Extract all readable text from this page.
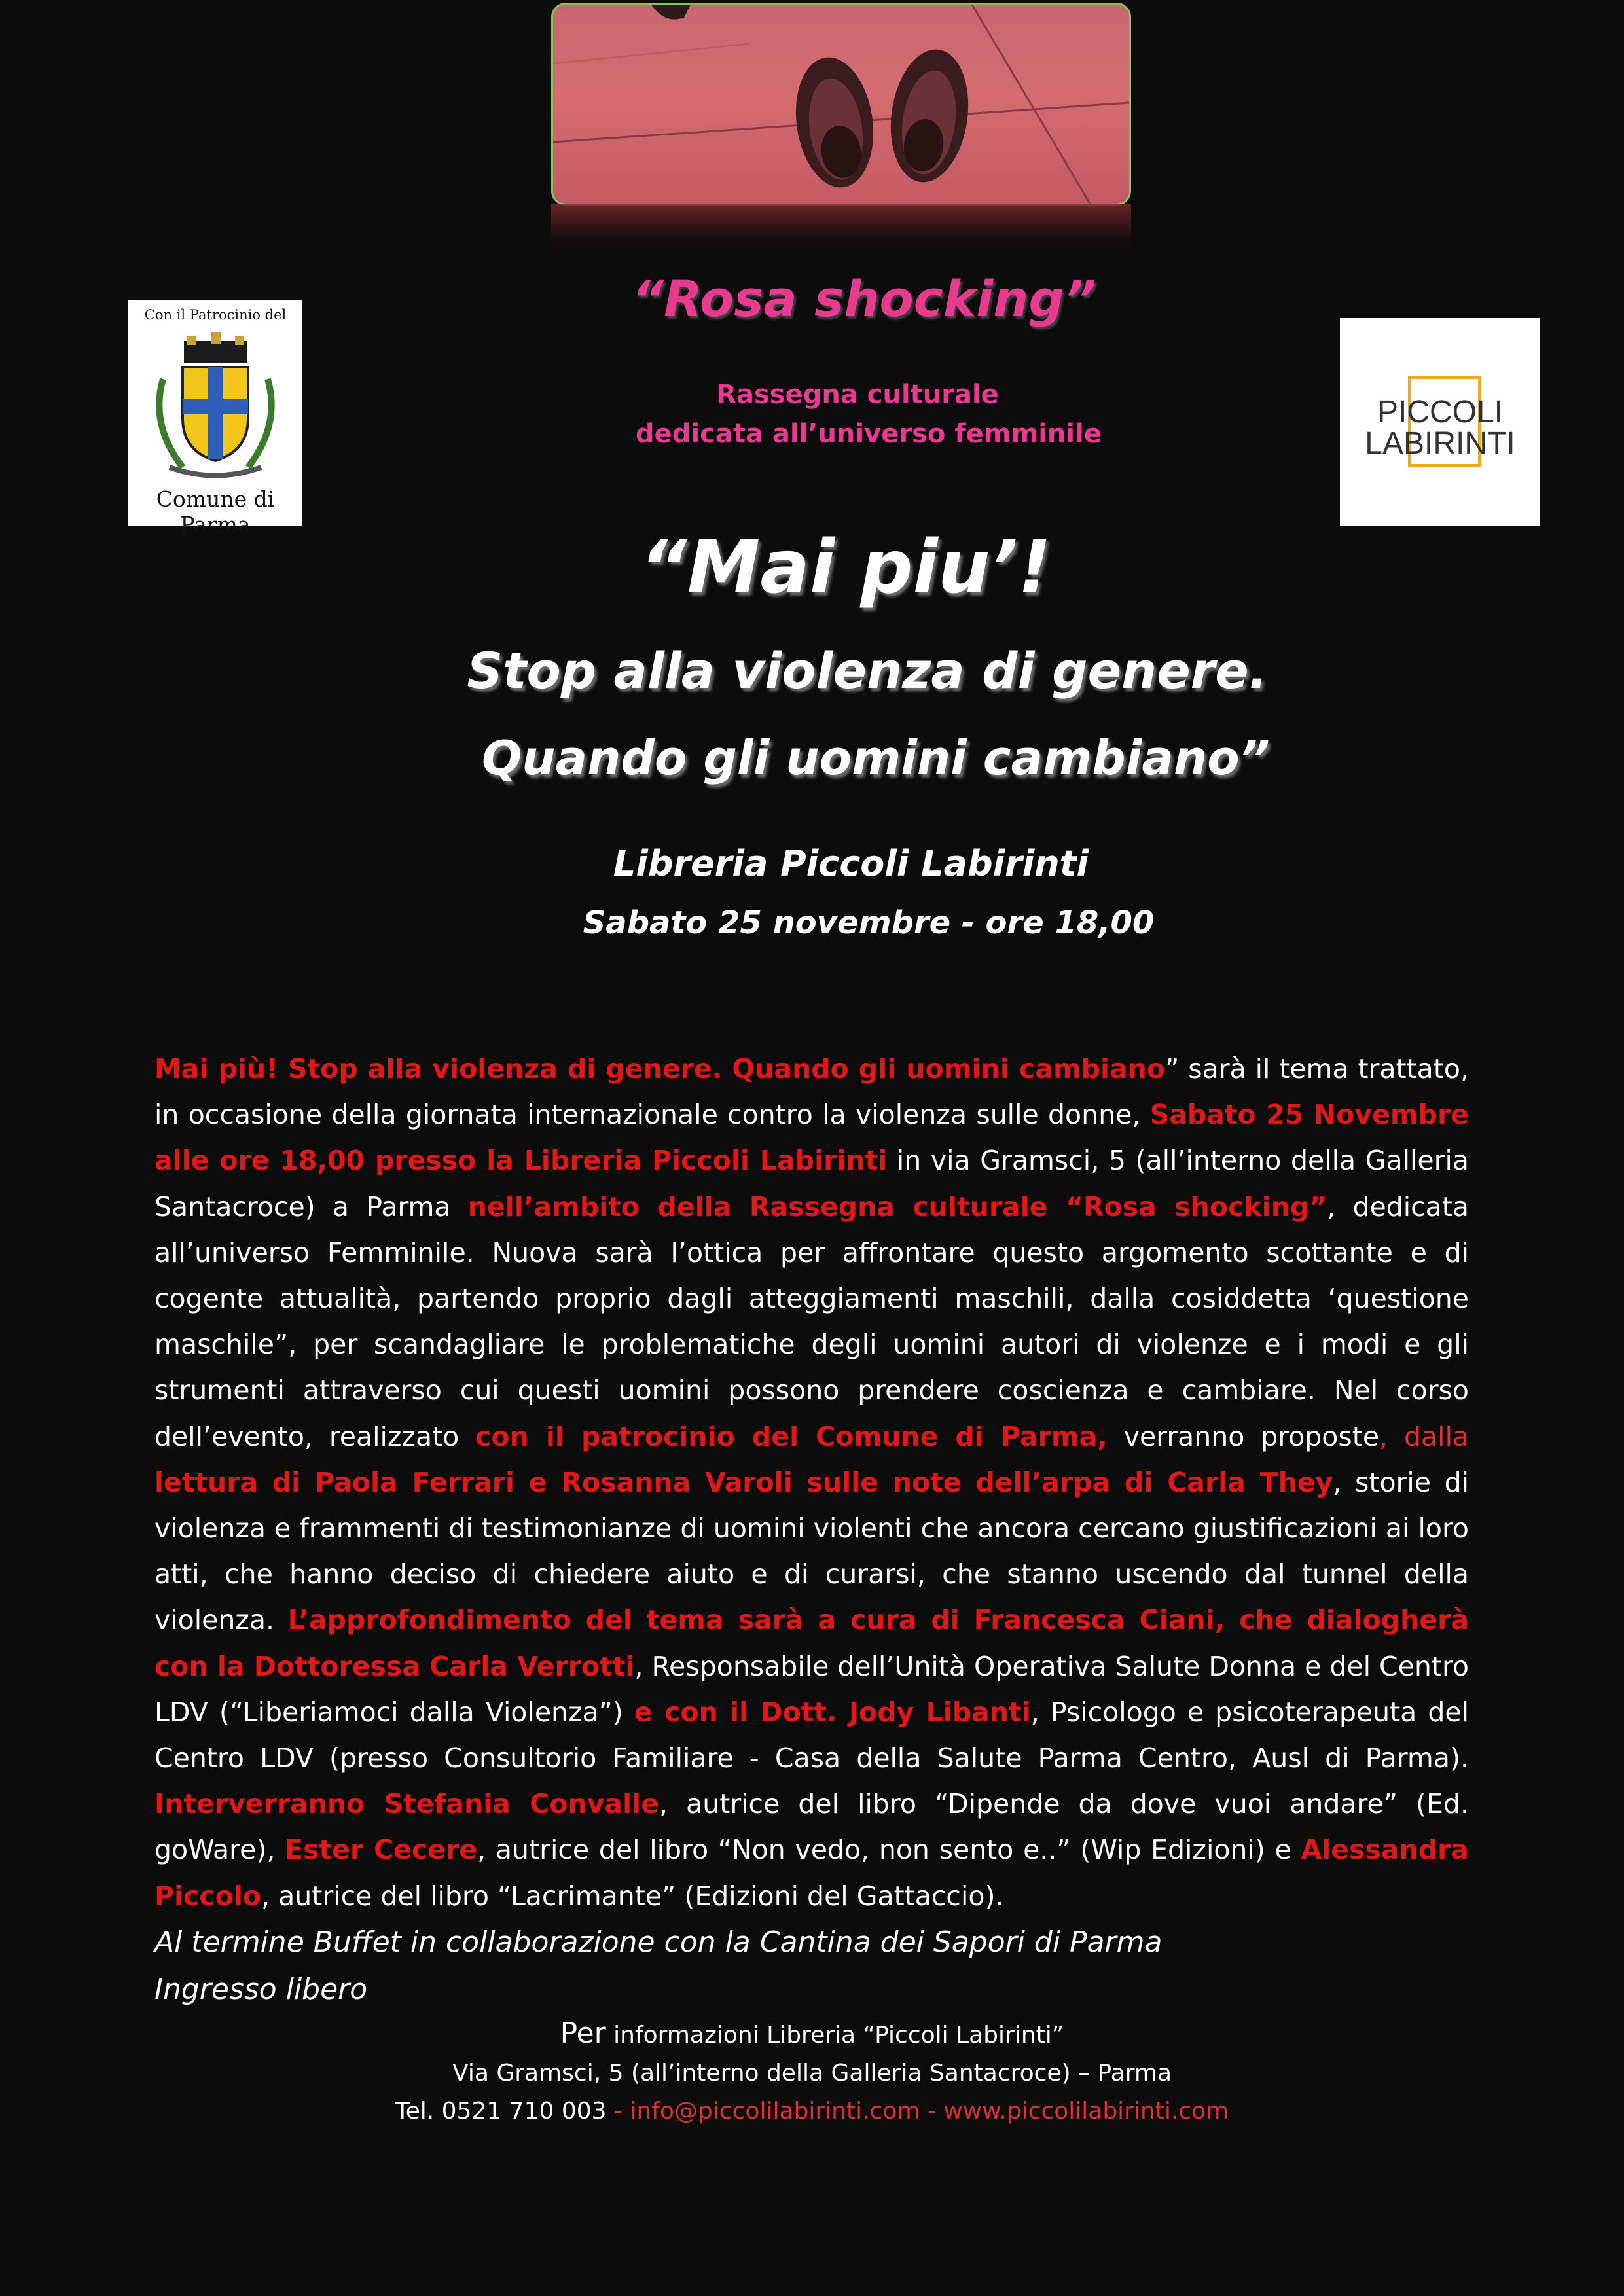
Con il Patrocinio del
Comune di Parma
PICCOLI
LABIRINTI
“Rosa shocking”
Rassegna culturale
dedicata all’universo femminile
“Mai piu’!
Stop alla violenza di genere.
Quando gli uomini cambiano”
Libreria Piccoli Labirinti
Sabato 25 novembre - ore 18,00

Mai più! Stop alla violenza di genere. Quando gli uomini cambiano” sarà il tema trattato, in occasione della giornata internazionale contro la violenza sulle donne, Sabato 25 Novembre alle ore 18,00 presso la Libreria Piccoli Labirinti in via Gramsci, 5 (all’interno della Galleria Santacroce) a Parma nell’ambito della Rassegna culturale “Rosa shocking”, dedicata all’universo Femminile. Nuova sarà l’ottica per affrontare questo argomento scottante e di cogente attualità, partendo proprio dagli atteggiamenti maschili, dalla cosiddetta ‘questione maschile”, per scandagliare le problematiche degli uomini autori di violenze e i modi e gli strumenti attraverso cui questi uomini possono prendere coscienza e cambiare. Nel corso dell’evento, realizzato con il patrocinio del Comune di Parma, verranno proposte, dalla lettura di Paola Ferrari e Rosanna Varoli sulle note dell’arpa di Carla They, storie di violenza e frammenti di testimonianze di uomini violenti che ancora cercano giustificazioni ai loro atti, che hanno deciso di chiedere aiuto e di curarsi, che stanno uscendo dal tunnel della violenza. L’approfondimento del tema sarà a cura di Francesca Ciani, che dialogherà con la Dottoressa Carla Verrotti, Responsabile dell’Unità Operativa Salute Donna e del Centro LDV (“Liberiamoci dalla Violenza”) e con il Dott. Jody Libanti, Psicologo e psicoterapeuta del Centro LDV (presso Consultorio Familiare - Casa della Salute Parma Centro, Ausl di Parma). Interverranno Stefania Convalle, autrice del libro “Dipende da dove vuoi andare” (Ed. goWare), Ester Cecere, autrice del libro “Non vedo, non sento e..” (Wip Edizioni) e Alessandra Piccolo, autrice del libro “Lacrimante” (Edizioni del Gattaccio).

Al termine Buffet in collaborazione con la Cantina dei Sapori di Parma
Ingresso libero
Per informazioni Libreria “Piccoli Labirinti”
Via Gramsci, 5 (all’interno della Galleria Santacroce) – Parma
Tel. 0521 710 003 - info@piccolilabirinti.com - www.piccolilabirinti.com
